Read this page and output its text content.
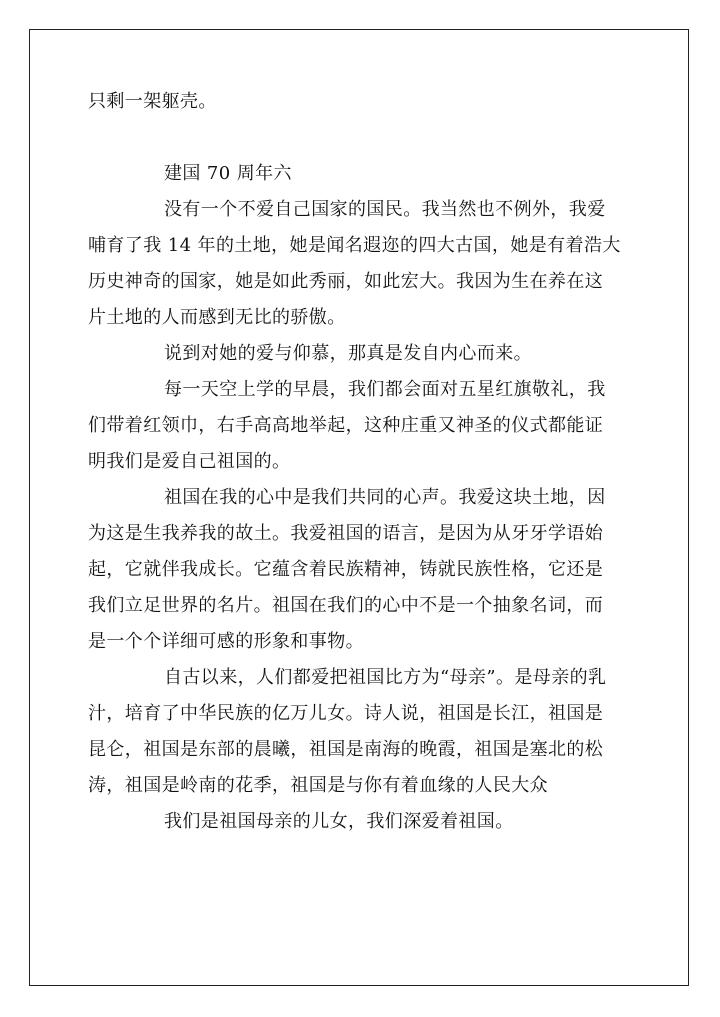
只剩一架躯壳。
建国 70 周年六
没有一个不爱自己国家的国民。我当然也不例外，我爱
哺育了我 14 年的土地，她是闻名遐迩的四大古国，她是有着浩大
历史神奇的国家，她是如此秀丽，如此宏大。我因为生在养在这
片土地的人而感到无比的骄傲。
说到对她的爱与仰慕，那真是发自内心而来。
每一天空上学的早晨，我们都会面对五星红旗敬礼，我
们带着红领巾，右手高高地举起，这种庄重又神圣的仪式都能证
明我们是爱自己祖国的。
祖国在我的心中是我们共同的心声。我爱这块土地，因
为这是生我养我的故土。我爱祖国的语言，是因为从牙牙学语始
起，它就伴我成长。它蕴含着民族精神，铸就民族性格，它还是
我们立足世界的名片。祖国在我们的心中不是一个抽象名词，而
是一个个详细可感的形象和事物。
自古以来，人们都爱把祖国比方为“母亲”。是母亲的乳
汁，培育了中华民族的亿万儿女。诗人说，祖国是长江，祖国是
昆仑，祖国是东部的晨曦，祖国是南海的晚霞，祖国是塞北的松
涛，祖国是岭南的花季，祖国是与你有着血缘的人民大众
我们是祖国母亲的儿女，我们深爱着祖国。
